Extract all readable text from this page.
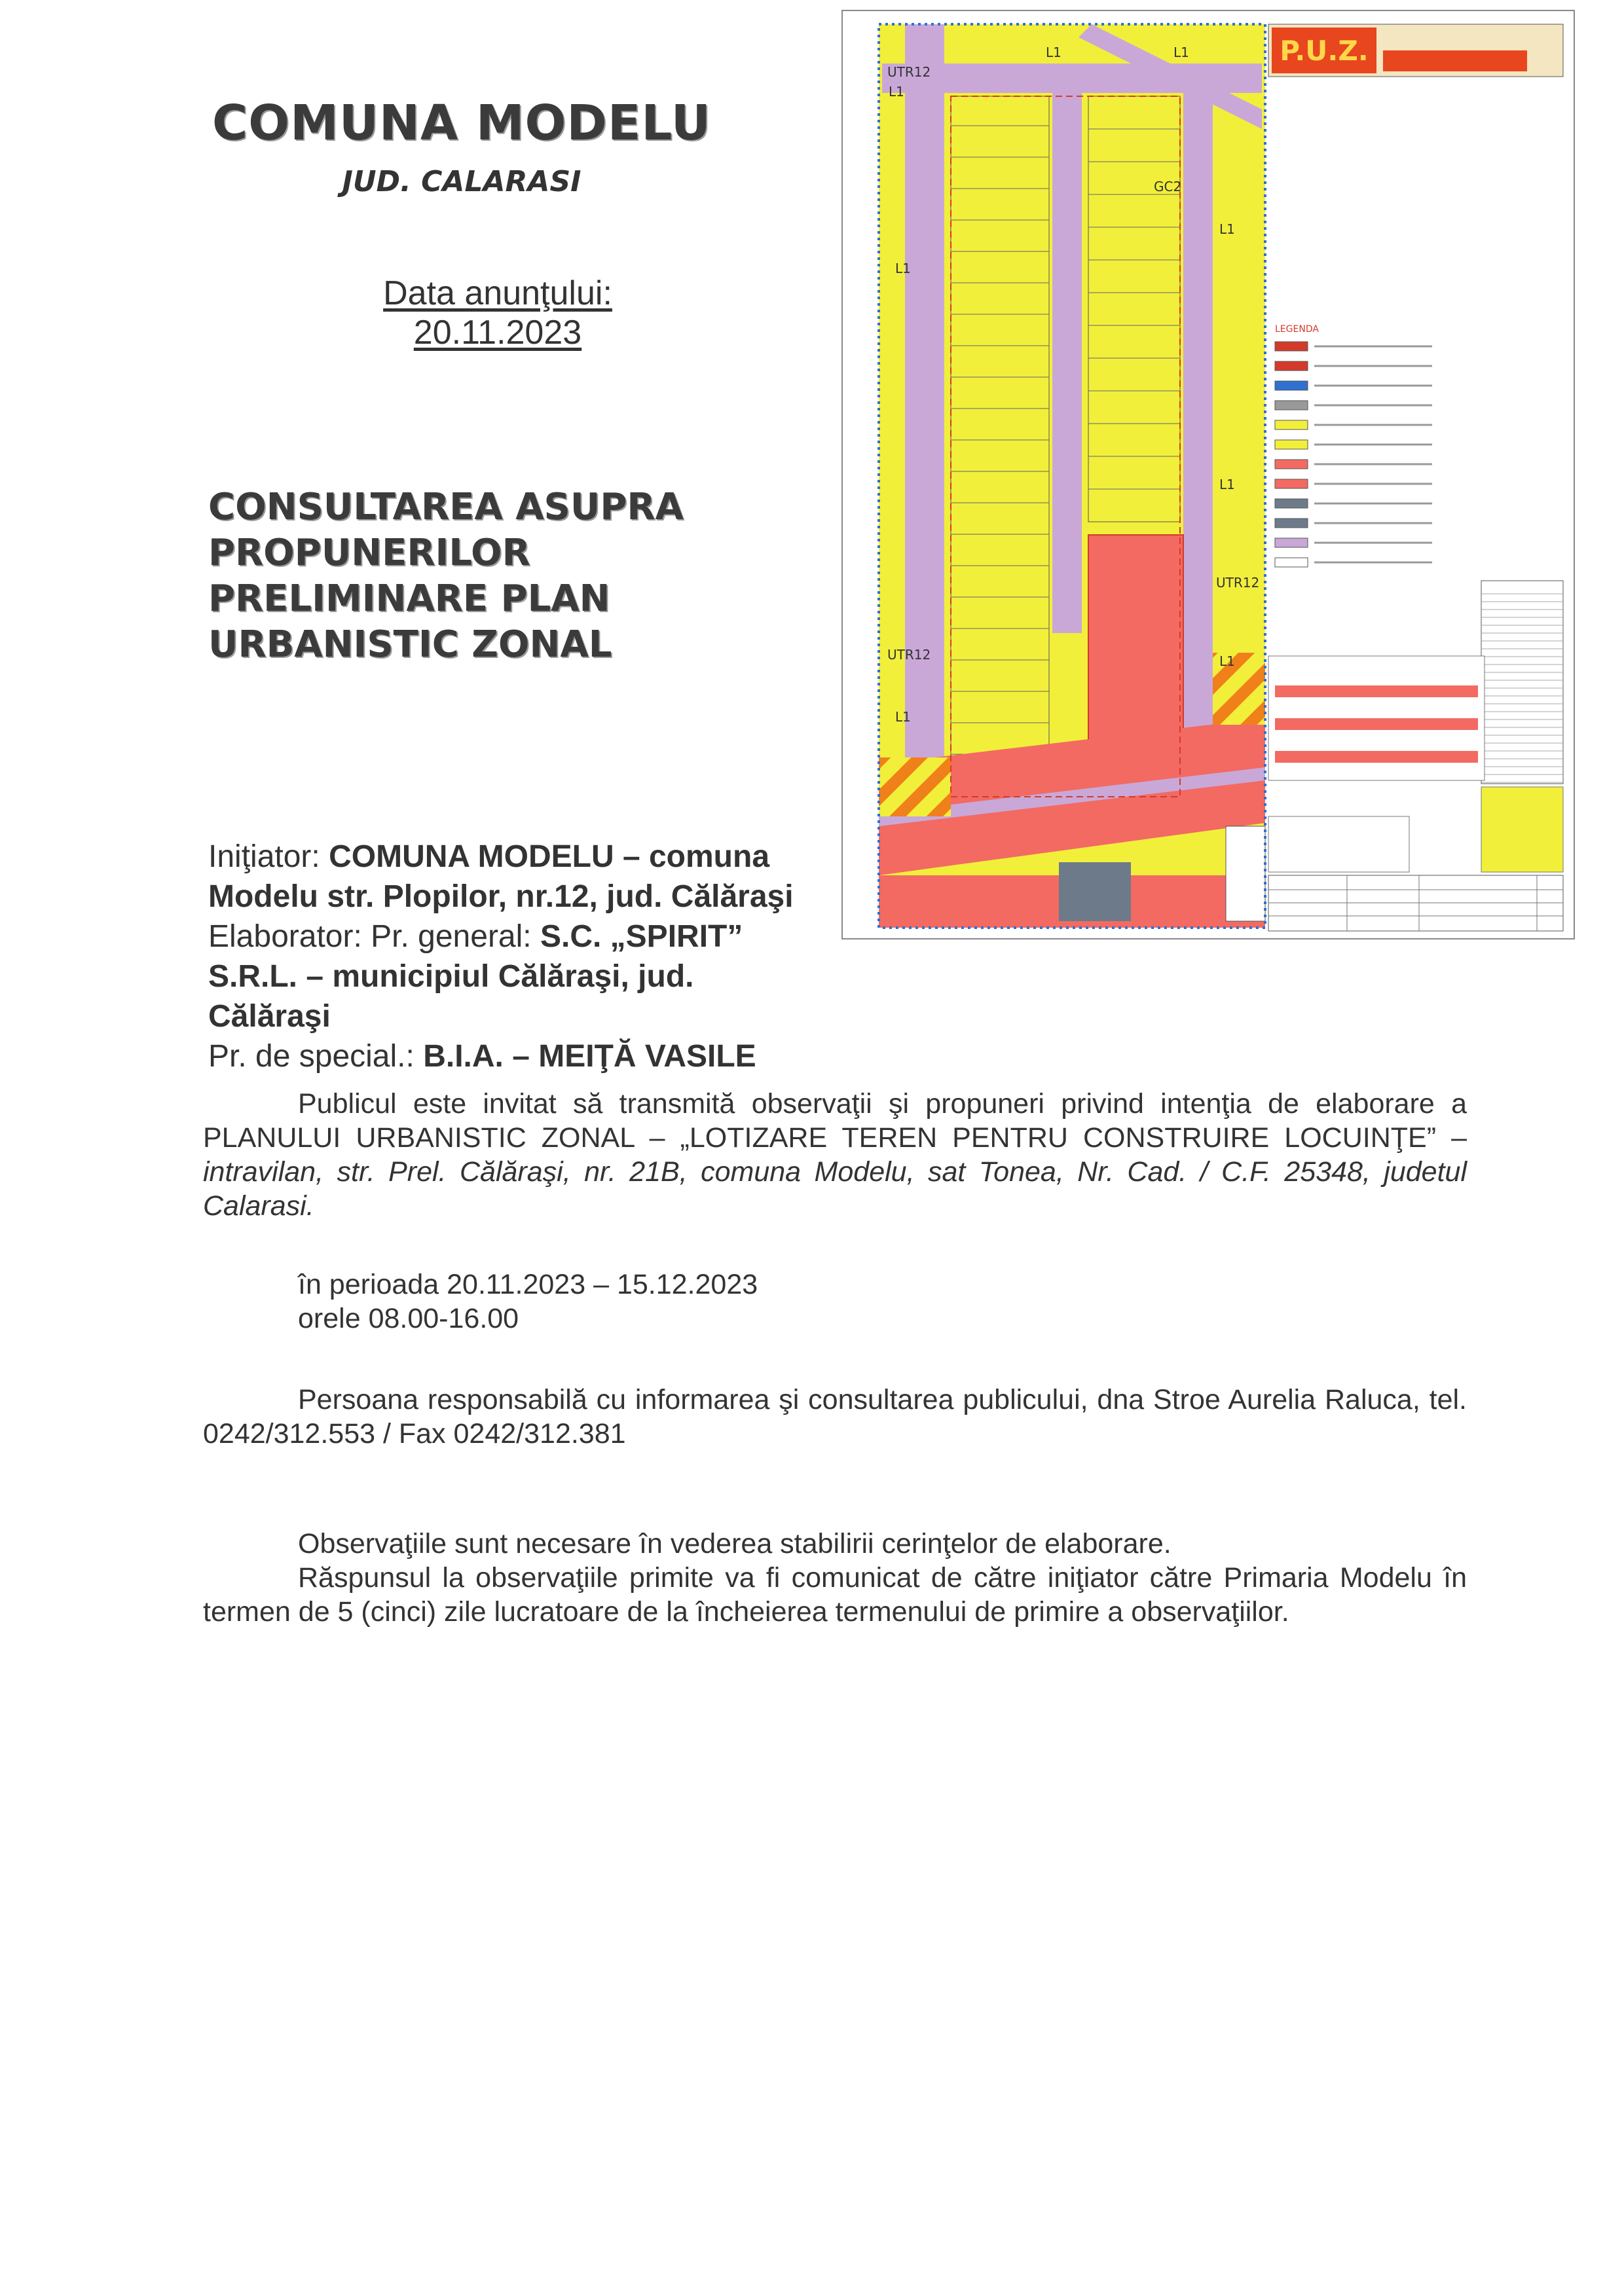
COMUNA MODELU
JUD. CALARASI
Data anunţului:
20.11.2023
CONSULTAREA ASUPRA
PROPUNERILOR
PRELIMINARE PLAN
URBANISTIC ZONAL
Iniţiator: COMUNA MODELU – comuna
Modelu str. Plopilor, nr.12, jud. Călăraşi
Elaborator: Pr. general: S.C. „SPIRIT”
S.R.L. – municipiul Călăraşi, jud. Călăraşi
Pr. de special.: B.I.A. – MEIŢĂ VASILE
Publicul este invitat să transmită observaţii şi propuneri privind intenţia de elaborare a PLANULUI URBANISTIC ZONAL – „LOTIZARE TEREN PENTRU CONSTRUIRE LOCUINŢE” – intravilan, str. Prel. Călăraşi, nr. 21B, comuna Modelu, sat Tonea, Nr. Cad. / C.F. 25348, judetul Calarasi.
în perioada 20.11.2023 – 15.12.2023
orele 08.00-16.00
Persoana responsabilă cu informarea şi consultarea publicului, dna Stroe Aurelia Raluca, tel. 0242/312.553 / Fax 0242/312.381
Observaţiile sunt necesare în vederea stabilirii cerinţelor de elaborare.
Răspunsul la observaţiile primite va fi comunicat de către iniţiator către Primaria Modelu în termen de 5 (cinci) zile lucratoare de la încheierea termenului de primire a observaţiilor.
UTR12
L1
UTR12
L1
L1
UTR12
L1
L1
L1
L1	L1
GC2
P.U.Z.
LEGENDA
